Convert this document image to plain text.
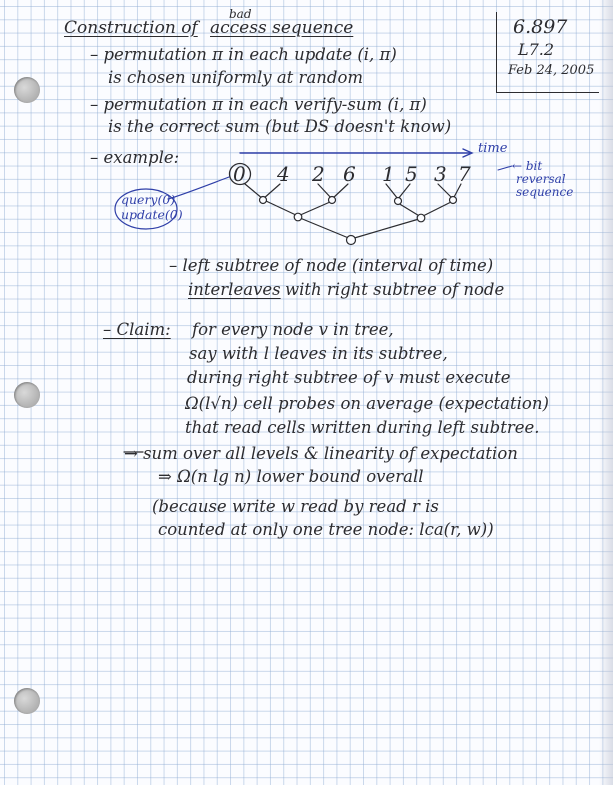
Construction of
bad
access sequence	6.897
L7.2
Feb 24, 2005
– permutation π in each update (i, π)
is chosen uniformly at random
– permutation π in each verify-sum (i, π)
is the correct sum (but DS doesn't know)
– example:	time
← bit
reversal
sequence
0 4 2 6 1 5 3 7
query(0)
update(0)
– left subtree of node (interval of time)
interleaves with right subtree of node
– Claim: for every node v in tree,
say with l leaves in its subtree,
during right subtree of v must execute
Ω(l√n) cell probes on average (expectation)
that read cells written during left subtree.
→ sum over all levels & linearity of expectation
⇒ Ω(n lg n) lower bound overall
(because write w read by read r is
counted at only one tree node: lca(r, w))
